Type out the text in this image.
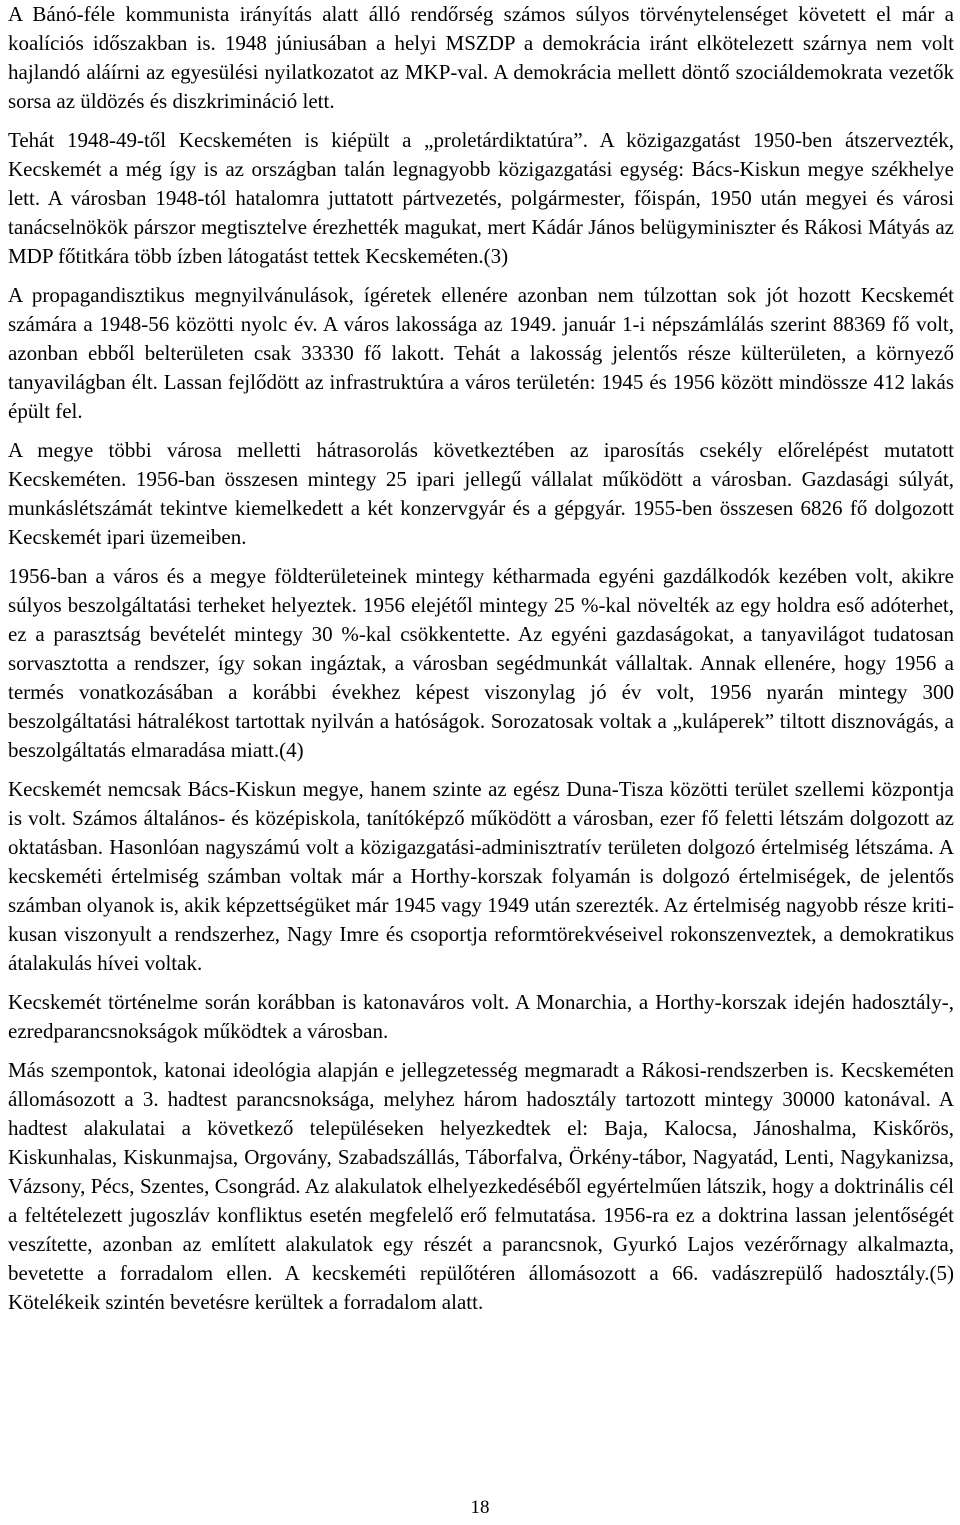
A Bánó-féle kommunista irányítás alatt álló rendőrség számos súlyos törvénytelenséget követett el már a koalíciós időszakban is. 1948 júniusában a helyi MSZDP a demokrácia iránt elkötelezett szárnya nem volt hajlandó aláírni az egyesülési nyilatkozatot az MKP-val. A demokrácia mellett döntő szociáldemokrata vezetők sorsa az üldözés és diszkrimináció lett.

Tehát 1948-49-től Kecskeméten is kiépült a „proletárdiktatúra”. A közigazgatást 1950-ben átszervezték, Kecskemét a még így is az országban talán legnagyobb közigazgatási egység: Bács-Kiskun megye székhelye lett. A városban 1948-tól hatalomra juttatott pártvezetés, polgármester, főispán, 1950 után megyei és városi tanácselnökök párszor megtisztelve érezhették magukat, mert Kádár János belügyminiszter és Rákosi Mátyás az MDP főtitkára több ízben látogatást tettek Kecskeméten.(3)

A propagandisztikus megnyilvánulások, ígéretek ellenére azonban nem túlzottan sok jót hozott Kecskemét számára a 1948-56 közötti nyolc év. A város lakossága az 1949. január 1-i népszámlálás szerint 88369 fő volt, azonban ebből belterületen csak 33330 fő lakott. Tehát a lakosság jelentős része külterületen, a környező tanyavilágban élt. Lassan fejlődött az infrastruktúra a város területén: 1945 és 1956 között mindössze 412 lakás épült fel.

A megye többi városa melletti hátrasorolás következtében az iparosítás csekély előrelépést mutatott Kecskeméten. 1956-ban összesen mintegy 25 ipari jellegű vállalat működött a városban. Gazdasági súlyát, munkáslétszámát tekintve kiemelkedett a két konzervgyár és a gépgyár. 1955-ben összesen 6826 fő dolgozott Kecskemét ipari üzemeiben.

1956-ban a város és a megye földterületeinek mintegy kétharmada egyéni gazdálkodók kezében volt, akikre súlyos beszolgáltatási terheket helyeztek. 1956 elejétől mintegy 25 %-kal növelték az egy holdra eső adóterhet, ez a parasztság bevételét mintegy 30 %-kal csökkentette. Az egyéni gazdaságokat, a tanyavilágot tudatosan sorvasztotta a rendszer, így sokan ingáztak, a városban segédmunkát vállaltak. Annak ellenére, hogy 1956 a termés vonatkozásában a korábbi évekhez képest viszonylag jó év volt, 1956 nyarán mintegy 300 beszolgáltatási hátralékost tartottak nyilván a hatóságok. Sorozatosak voltak a „kuláperek” tiltott disznovágás, a beszolgáltatás elmaradása miatt.(4)

Kecskemét nemcsak Bács-Kiskun megye, hanem szinte az egész Duna-Tisza közötti terület szellemi központja is volt. Számos általános- és középiskola, tanítóképző működött a városban, ezer fő feletti létszám dolgozott az oktatásban. Hasonlóan nagyszámú volt a közigazgatási-adminisztratív területen dolgozó értelmiség létszáma. A kecskeméti értelmiség számban voltak már a Horthy-korszak folyamán is dolgozó értelmiségek, de jelentős számban olyanok is, akik képzettségüket már 1945 vagy 1949 után szerezték. Az értelmiség nagyobb része kritikusan viszonyult a rendszerhez, Nagy Imre és csoportja reformtörekvéseivel rokonszenveztek, a demokratikus átalakulás hívei voltak.

Kecskemét történelme során korábban is katonaváros volt. A Monarchia, a Horthy-korszak idején hadosztály-, ezredparancsnokságok működtek a városban.

Más szempontok, katonai ideológia alapján e jellegzetesség megmaradt a Rákosi-rendszerben is. Kecskeméten állomásozott a 3. hadtest parancsnoksága, melyhez három hadosztály tartozott mintegy 30000 katonával. A hadtest alakulatai a következő településeken helyezkedtek el: Baja, Kalocsa, Jánoshalma, Kiskőrös, Kiskunhalas, Kiskunmajsa, Orgovány, Szabadszállás, Táborfalva, Örkény-tábor, Nagyatád, Lenti, Nagykanizsa, Vázsony, Pécs, Szentes, Csongrád. Az alakulatok elhelyezkedéséből egyértelműen látszik, hogy a doktrinális cél a feltételezett jugoszláv konfliktus esetén megfelelő erő felmutatása. 1956-ra ez a doktrina lassan jelentőségét veszítette, azonban az említett alakulatok egy részét a parancsnok, Gyurkó Lajos vezérőrnagy alkalmazta, bevetette a forradalom ellen. A kecskeméti repülőtéren állomásozott a 66. vadászrepülő hadosztály.(5) Kötelékeik szintén bevetésre kerültek a forradalom alatt.

18
